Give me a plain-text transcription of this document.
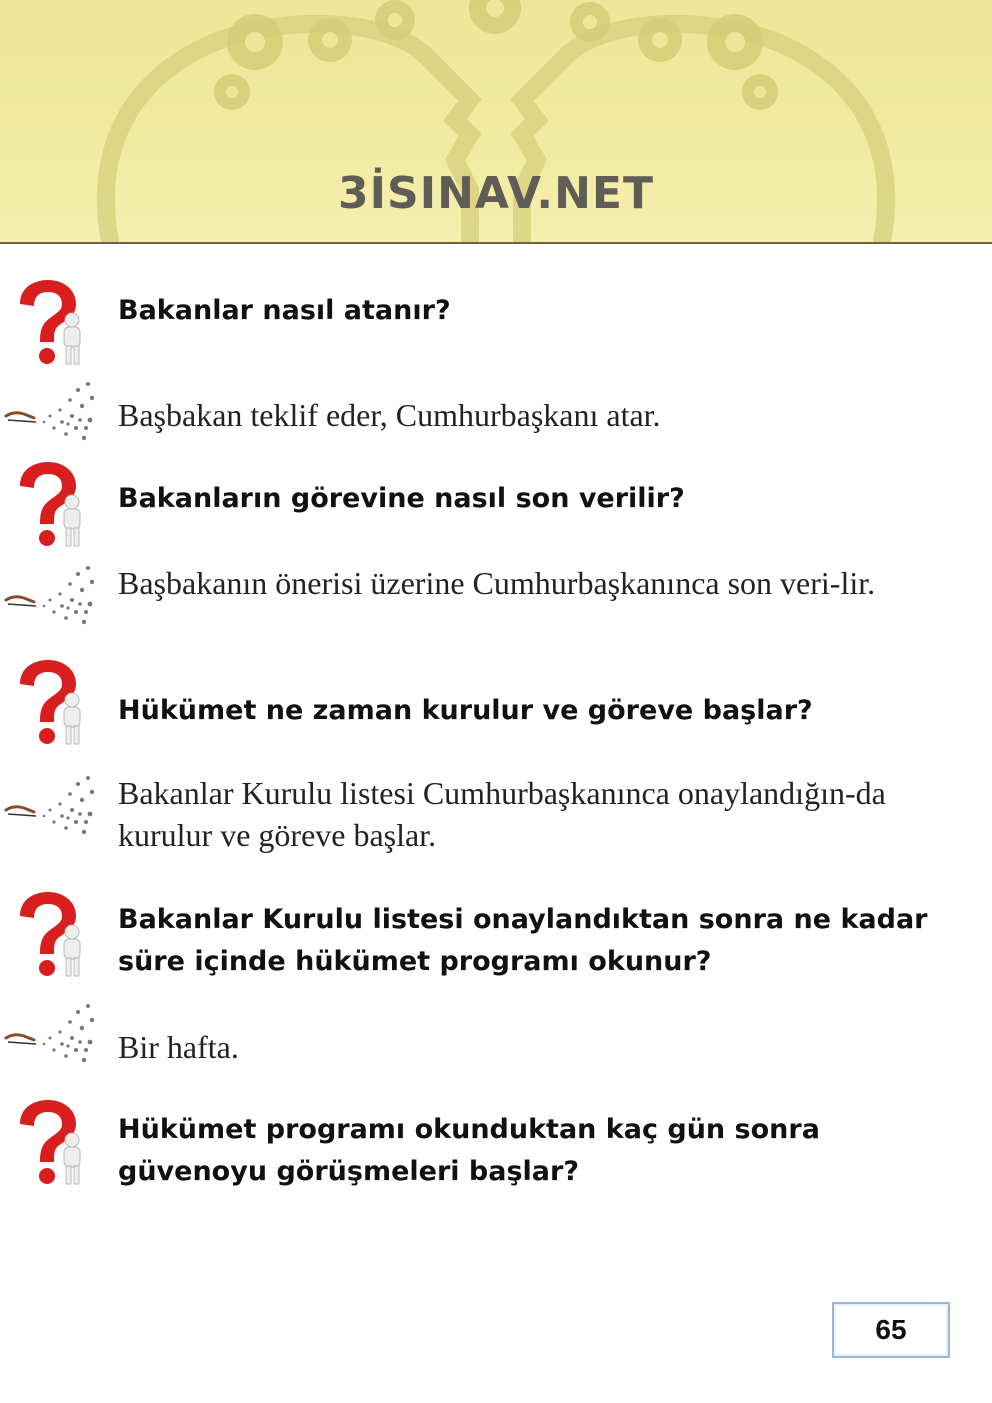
3İSINAV.NET
Bakanlar nasıl atanır?
Başbakan teklif eder, Cumhurbaşkanı atar.
Bakanların görevine nasıl son verilir?
Başbakanın önerisi üzerine Cumhurbaşkanınca son veri-lir.
Hükümet ne zaman kurulur ve göreve başlar?
Bakanlar Kurulu listesi Cumhurbaşkanınca onaylandığın-da kurulur ve göreve başlar.
Bakanlar Kurulu listesi onaylandıktan sonra ne kadar süre içinde hükümet programı okunur?
Bir hafta.
Hükümet programı okunduktan kaç gün sonra güvenoyu görüşmeleri başlar?
65
